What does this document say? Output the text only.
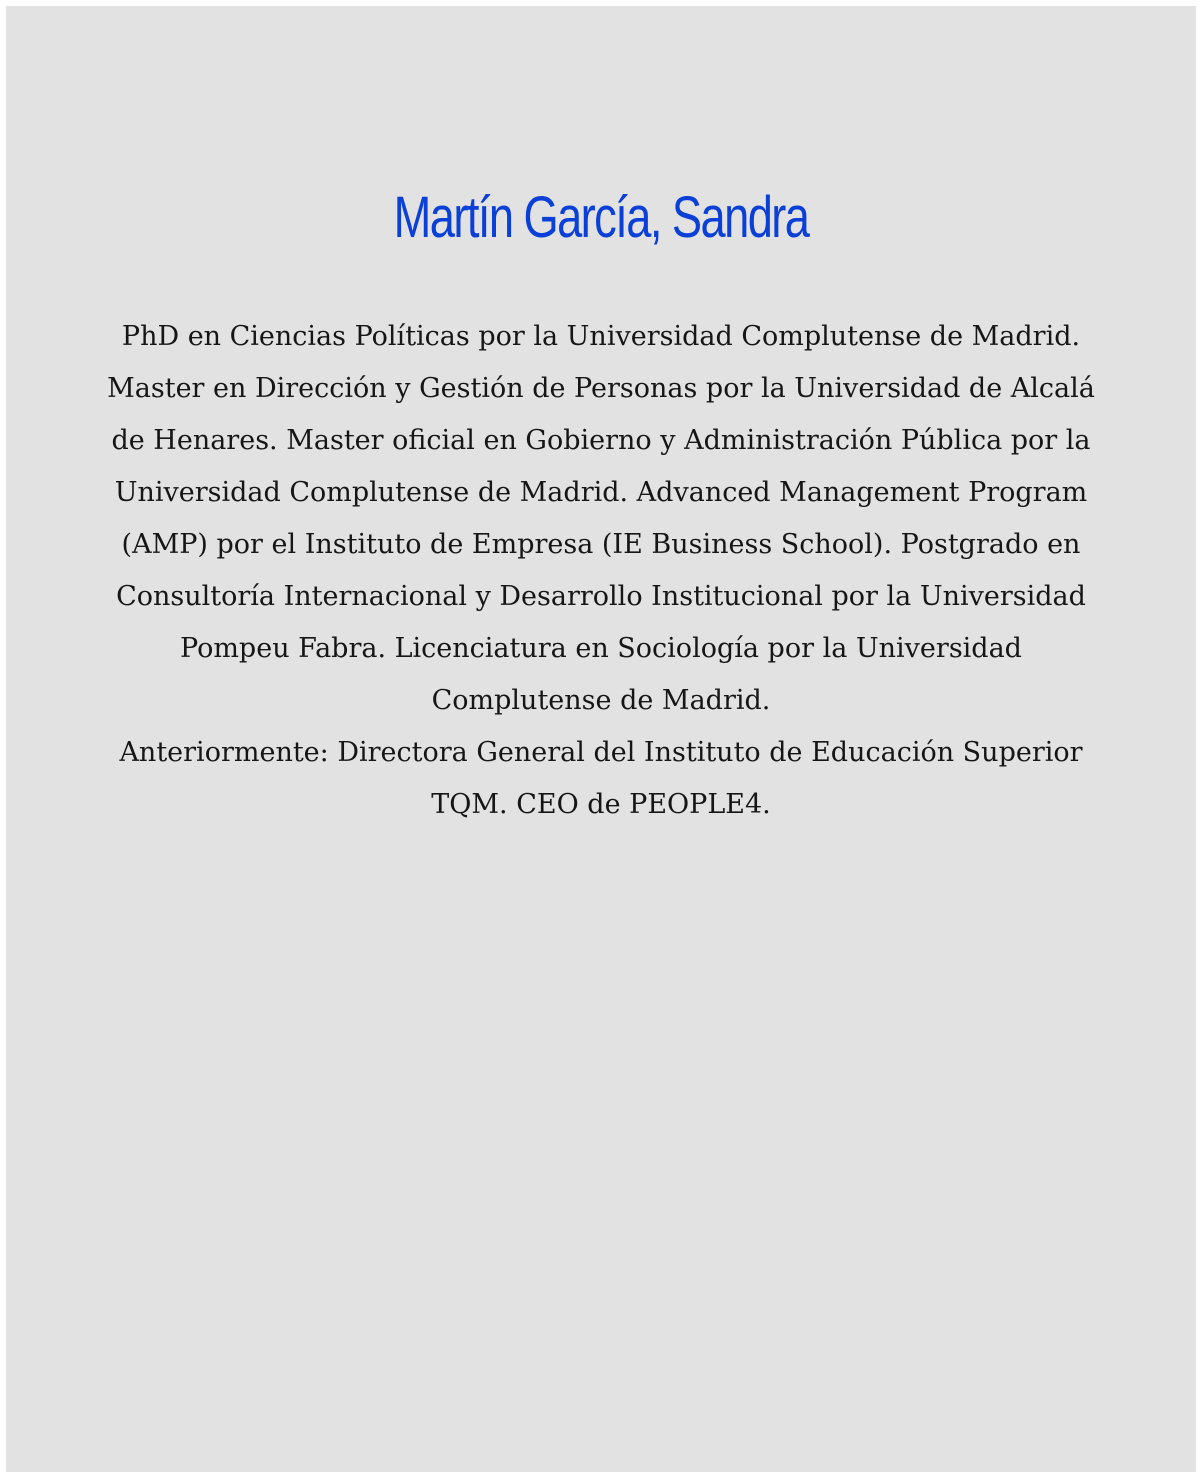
Martín García, Sandra
PhD en Ciencias Políticas por la Universidad Complutense de Madrid. Master en Dirección y Gestión de Personas por la Universidad de Alcalá de Henares. Master oficial en Gobierno y Administración Pública por la Universidad Complutense de Madrid. Advanced Management Program (AMP) por el Instituto de Empresa (IE Business School). Postgrado en Consultoría Internacional y Desarrollo Institucional por la Universidad Pompeu Fabra. Licenciatura en Sociología por la Universidad Complutense de Madrid.
Anteriormente: Directora General del Instituto de Educación Superior TQM. CEO de PEOPLE4.
